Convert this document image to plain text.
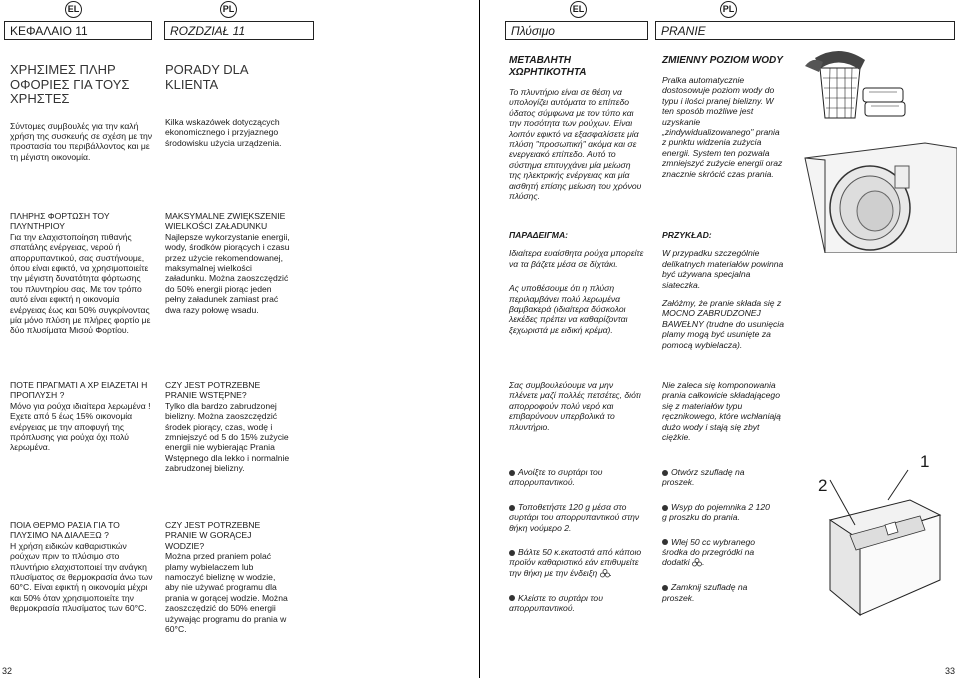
EL	PL
ΚΕΦΑΛΑΙΟ 11	ROZDZIAŁ 11

ΧΡΗΣΙΜΕΣ ΠΛΗΡ ΟΦΟΡΙΕΣ ΓΙΑ ΤΟΥΣ ΧΡΗΣΤΕΣ

Σύντομες συμβουλές για την καλή χρήση της συσκευής σε σχέση με την προστασία του περιβάλλοντος και με τη μέγιστη οικονομία.

ΠΛΗΡΗΣ ΦΟΡΤΩΣΗ ΤΟΥ ΠΛΥΝΤΗΡΙΟΥ

Για την ελαχιστοποίηση πιθανής σπατάλης ενέργειας, νερού ή απορρυπαντικού, σας συστήνουμε, όπου είναι εφικτό, να χρησιμοποιείτε την μέγιστη δυνατότητα φόρτωσης του πλυντηρίου σας. Με τον τρόπο αυτό είναι εφικτή η οικονομία ενέργειας έως και 50% συγκρίνοντας μία μόνο πλύση με πλήρες φορτίο με δύο πλυσίματα Μισού Φορτίου.

ΠΟΤΕ ΠΡΑΓΜΑΤΙ Α ΧΡ ΕΙΑΖΕΤΑΙ Η ΠΡΟΠΛΥΣΗ ?

Μόνο για ρούχα ιδιαίτερα λερωμένα ! Εχετε από 5 έως 15% οικονομία ενέργειας με την αποφυγή της πρόπλυσης για ρούχα όχι πολύ λερωμένα.

ΠΟΙΑ ΘΕΡΜΟ ΡΑΣΙΑ ΓΙΑ ΤΟ ΠΛΥΣΙΜΟ ΝΑ ΔΙΑΛΕΞΩ ?

Η χρήση ειδικών καθαριστικών ρούχων πριν το πλύσιμο στο πλυντήριο ελαχιστοποιεί την ανάγκη πλυσίματος σε θερμοκρασία άνω των 60°C. Είναι εφικτή η οικονομία μέχρι και 50% όταν χρησιμοποιείτε την θερμοκρασία πλυσίματος των 60°C.

PORADY DLA KLIENTA

Kilka wskazówek dotyczących ekonomicznego i przyjaznego środowisku użycia urządzenia.

MAKSYMALNE ZWIĘKSZENIE WIELKOŚCI ZAŁADUNKU

Najlepsze wykorzystanie energii, wody, środków piorących i czasu przez użycie rekomendowanej, maksymalnej wielkości załadunku. Można zaoszczędzić do 50% energii piorąc jeden pełny załadunek zamiast prać dwa razy połowę wsadu.

CZY JEST POTRZEBNE PRANIE WSTĘPNE?

Tylko dla bardzo zabrudzonej bielizny. Można zaoszczędzić środek piorący, czas, wodę i zmniejszyć od 5 do 15% zużycie energii nie wybierając Prania Wstępnego dla lekko i normalnie zabrudzonej bielizny.

CZY JEST POTRZEBNE PRANIE W GORĄCEJ WODZIE?

Można przed praniem polać plamy wybielaczem lub namoczyć bieliznę w wodzie, aby nie używać programu dla prania w gorącej wodzie. Można zaoszczędzić do 50% energii używając programu do prania w 60°C.

32
EL	PL
Πλύσιμο	PRANIE

ΜΕΤΑΒΛΗΤΗ ΧΩΡΗΤΙΚΟΤΗΤΑ

Το πλυντήριο είναι σε θέση να υπολογίζει αυτόματα το επίπεδο ύδατος σύμφωνα με τον τύπο και την ποσότητα των ρούχων. Είναι λοιπόν εφικτό να εξασφαλίσετε μία πλύση "προσωπική" ακόμα και σε ενεργειακό επίπεδο. Αυτό το σύστημα επιτυγχάνει μία μείωση της ηλεκτρικής ενέργειας και μία αισθητή επίσης μείωση του χρόνου πλύσης.

ΠΑΡΑΔΕΙΓΜΑ:

Ιδιαίτερα ευαίσθητα ρούχα μπορείτε να τα βάζετε μέσα σε δίχτάκι.

Ας υποθέσουμε ότι η πλύση περιλαμβάνει πολύ λερωμένα βαμβακερά (ιδιαίτερα δύσκολοι λεκέδες πρέπει να καθαρίζονται ξεχωριστά με ειδική κρέμα).

Σας συμβουλεύουμε να μην πλένετε μαζί πολλές πετσέτες, διότι απορροφούν πολύ νερό και επιβαρύνουν υπερβολικά το πλυντήριο.

Ανοίξτε το συρτάρι του απορρυπαντικού.

Τοποθετήστε 120 g μέσα στο συρτάρι του απορρυπαντικού στην θήκη νούμερο 2.

Βάλτε 50 κ.εκατοστά από κάποιο προϊόν καθαριστικό εάν επιθυμείτε την θήκη με την ένδειξη .

Κλείστε το συρτάρι του απορρυπαντικού.

ZMIENNY POZIOM WODY

Pralka automatycznie dostosowuje poziom wody do typu i ilości pranej bielizny. W ten sposób możliwe jest uzyskanie „zindywidualizowanego" prania z punktu widzenia zużycia energii. System ten pozwala zmniejszyć zużycie energii oraz znacznie skrócić czas prania.

PRZYKŁAD:

W przypadku szczególnie delikatnych materiałów powinna być używana specjalna siateczka.

Załóżmy, że pranie składa się z MOCNO ZABRUDZONEJ BAWEŁNY (trudne do usunięcia plamy mogą być usunięte za pomocą wybielacza).

Nie zaleca się komponowania prania całkowicie składającego się z materiałów typu ręcznikowego, które wchłaniają dużo wody i stają się zbyt ciężkie.

Otwórz szufladę na proszek.

Wsyp do pojemnika 2 120 g proszku do prania.

Wlej 50 cc wybranego środka do przegródki na dodatki .

Zamknij szufladę na proszek.

1
2
33
